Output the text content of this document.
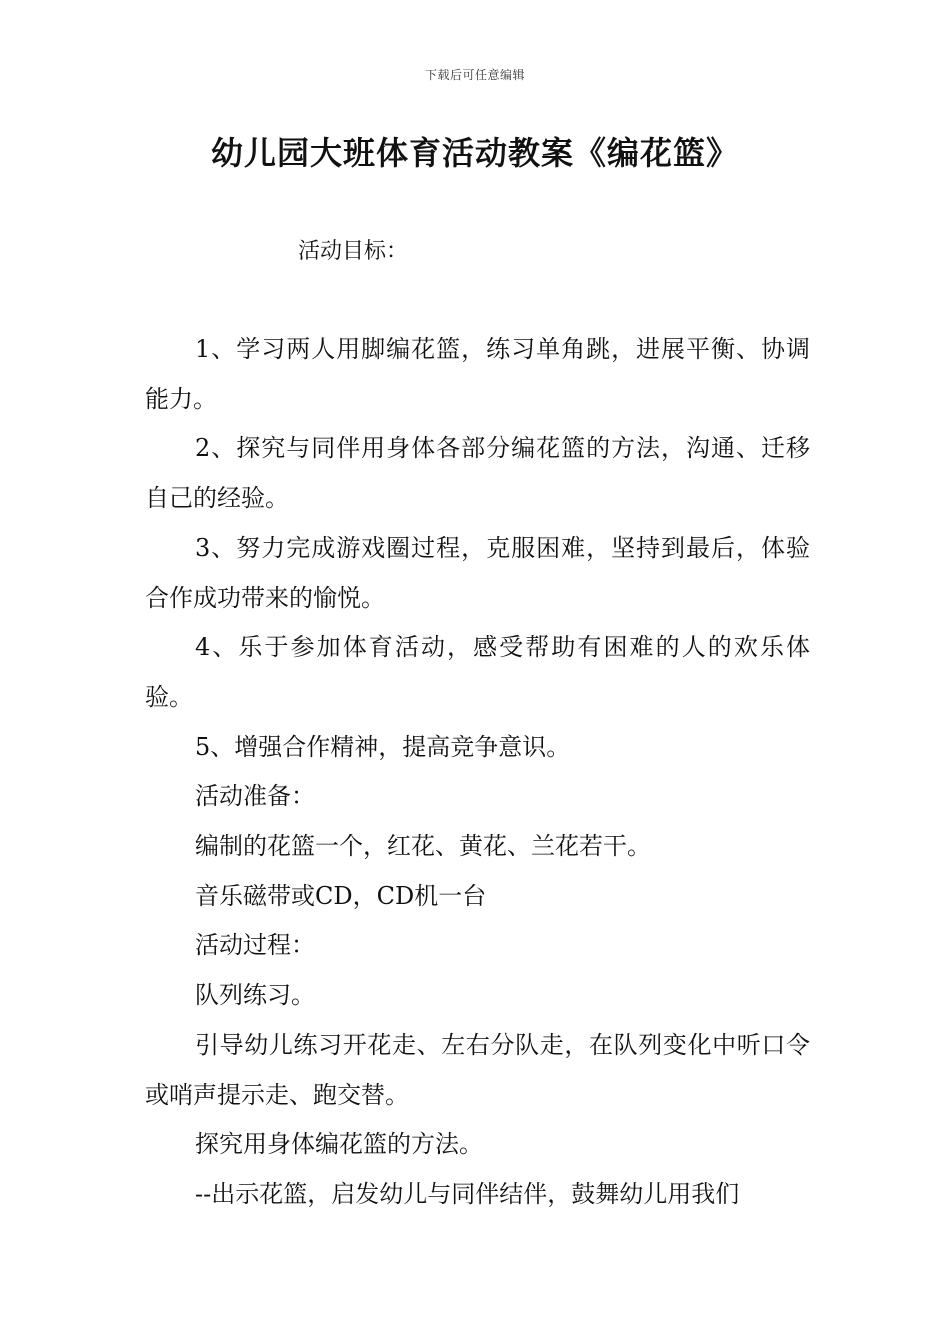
下载后可任意编辑
幼儿园大班体育活动教案《编花篮》
活动目标：

1、学习两人用脚编花篮，练习单角跳，进展平衡、协调能力。

2、探究与同伴用身体各部分编花篮的方法，沟通、迁移自己的经验。

3、努力完成游戏圈过程，克服困难，坚持到最后，体验合作成功带来的愉悦。

4、乐于参加体育活动，感受帮助有困难的人的欢乐体验。

5、增强合作精神，提高竞争意识。

活动准备：

编制的花篮一个，红花、黄花、兰花若干。

音乐磁带或CD，CD机一台

活动过程：

队列练习。

引导幼儿练习开花走、左右分队走，在队列变化中听口令或哨声提示走、跑交替。

探究用身体编花篮的方法。

--出示花篮，启发幼儿与同伴结伴，鼓舞幼儿用我们
